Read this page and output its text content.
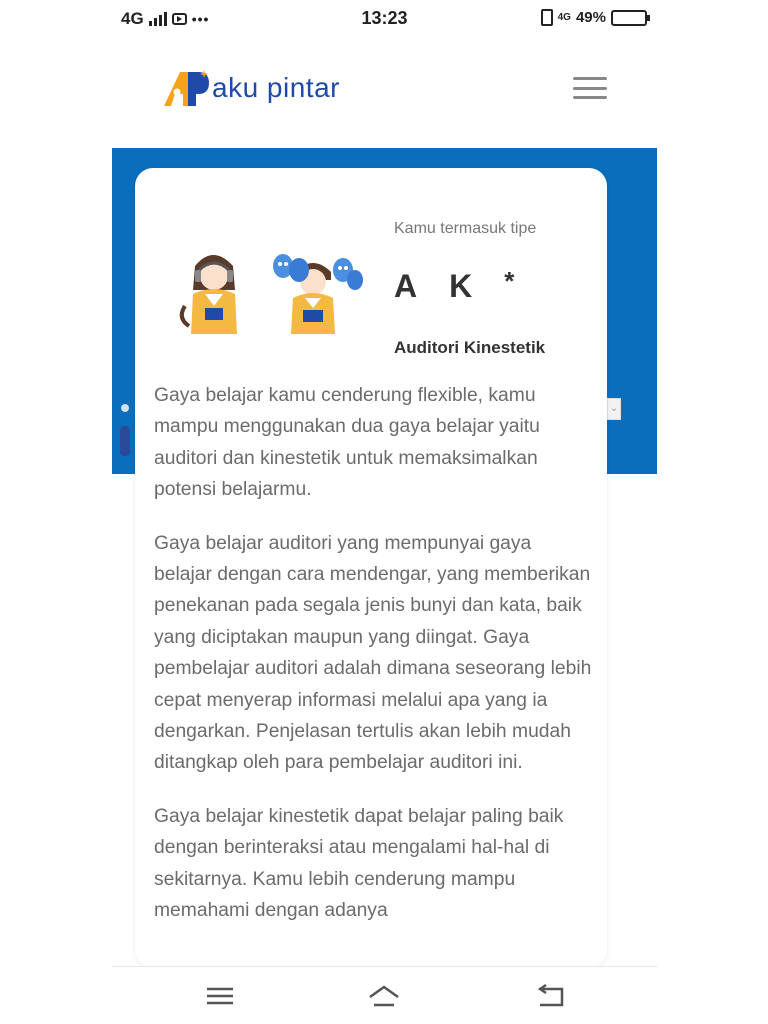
4G	•••	13:23	4G 49%
aku pintar
⌄
Kamu termasuk tipe
A K *
Auditori Kinestetik

Gaya belajar kamu cenderung flexible, kamu mampu menggunakan dua gaya belajar yaitu auditori dan kinestetik untuk memaksimalkan potensi belajarmu.

Gaya belajar auditori yang mempunyai gaya belajar dengan cara mendengar, yang memberikan penekanan pada segala jenis bunyi dan kata, baik yang diciptakan maupun yang diingat. Gaya pembelajar auditori adalah dimana seseorang lebih cepat menyerap informasi melalui apa yang ia dengarkan. Penjelasan tertulis akan lebih mudah ditangkap oleh para pembelajar auditori ini.

Gaya belajar kinestetik dapat belajar paling baik dengan berinteraksi atau mengalami hal-hal di sekitarnya. Kamu lebih cenderung mampu memahami dengan adanya
